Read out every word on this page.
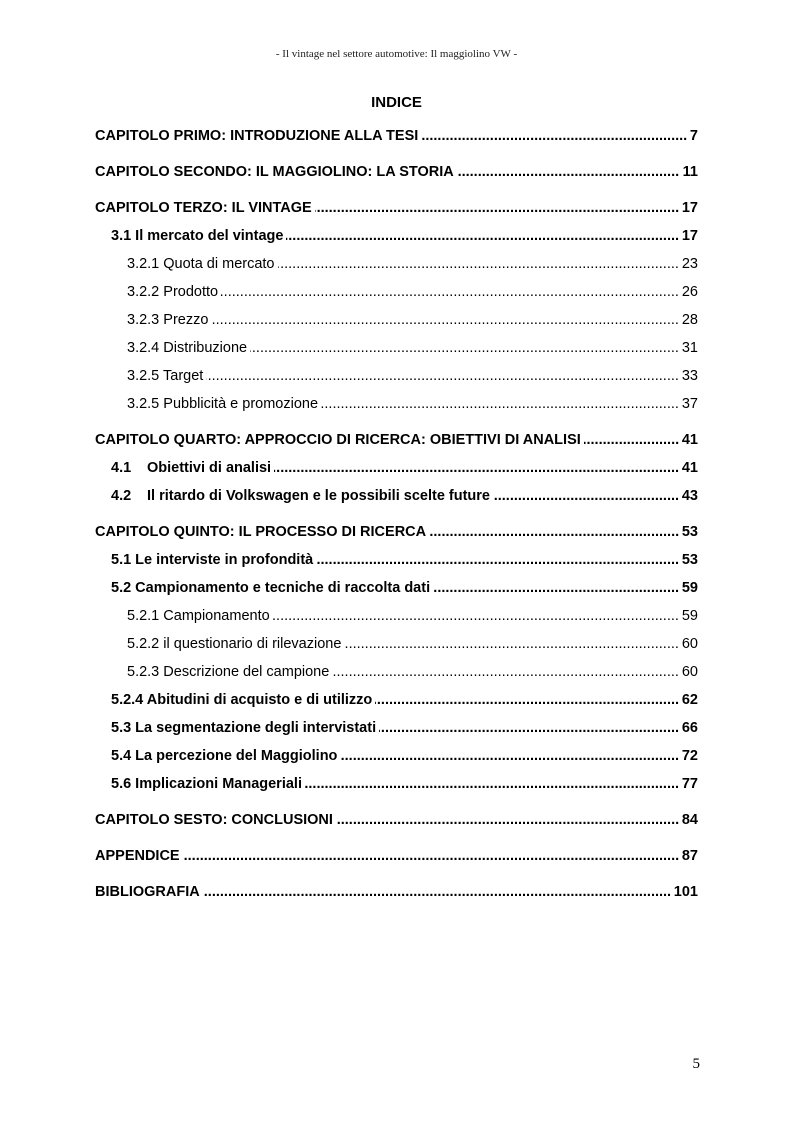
- Il vintage nel settore automotive: Il maggiolino VW -
INDICE
..... CAPITOLO PRIMO: INTRODUZIONE ALLA TESI	7
..... CAPITOLO SECONDO: IL MAGGIOLINO: LA STORIA	11
..... CAPITOLO TERZO: IL VINTAGE	17
..... 3.1 Il mercato del vintage	17
..... 3.2.1 Quota di mercato	23
..... 3.2.2 Prodotto	26
..... 3.2.3 Prezzo	28
..... 3.2.4 Distribuzione	31
..... 3.2.5 Target	33
..... 3.2.5 Pubblicità e promozione	37
..... CAPITOLO QUARTO: APPROCCIO DI RICERCA: OBIETTIVI DI ANALISI	41
..... 4.1 Obiettivi di analisi	41
..... 4.2 Il ritardo di Volkswagen e le possibili scelte future	43
..... CAPITOLO QUINTO: IL PROCESSO DI RICERCA	53
..... 5.1 Le interviste in profondità	53
..... 5.2 Campionamento e tecniche di raccolta dati	59
..... 5.2.1 Campionamento	59
..... 5.2.2 il questionario di rilevazione	60
..... 5.2.3 Descrizione del campione	60
..... 5.2.4 Abitudini di acquisto e di utilizzo	62
..... 5.3 La segmentazione degli intervistati	66
..... 5.4 La percezione del Maggiolino	72
..... 5.6 Implicazioni Manageriali	77
..... CAPITOLO SESTO: CONCLUSIONI	84
..... APPENDICE	87
..... BIBLIOGRAFIA	101
5
